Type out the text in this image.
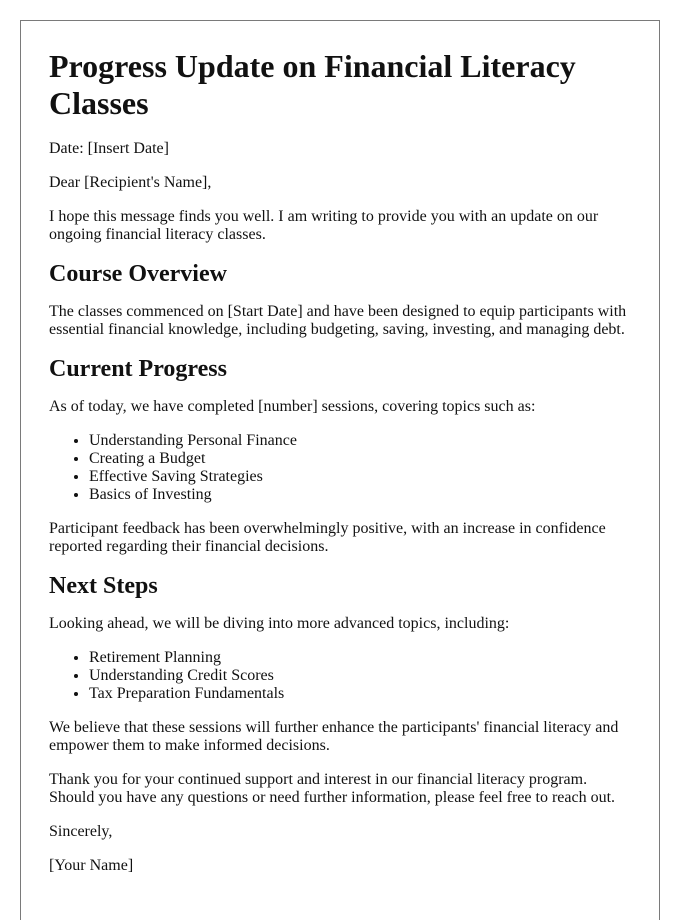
Progress Update on Financial Literacy Classes

Date: [Insert Date]

Dear [Recipient's Name],

I hope this message finds you well. I am writing to provide you with an update on our ongoing financial literacy classes.

Course Overview

The classes commenced on [Start Date] and have been designed to equip participants with essential financial knowledge, including budgeting, saving, investing, and managing debt.

Current Progress

As of today, we have completed [number] sessions, covering topics such as:

• Understanding Personal Finance
• Creating a Budget
• Effective Saving Strategies
• Basics of Investing

Participant feedback has been overwhelmingly positive, with an increase in confidence reported regarding their financial decisions.

Next Steps

Looking ahead, we will be diving into more advanced topics, including:

• Retirement Planning
• Understanding Credit Scores
• Tax Preparation Fundamentals

We believe that these sessions will further enhance the participants' financial literacy and empower them to make informed decisions.

Thank you for your continued support and interest in our financial literacy program. Should you have any questions or need further information, please feel free to reach out.

Sincerely,

[Your Name]
